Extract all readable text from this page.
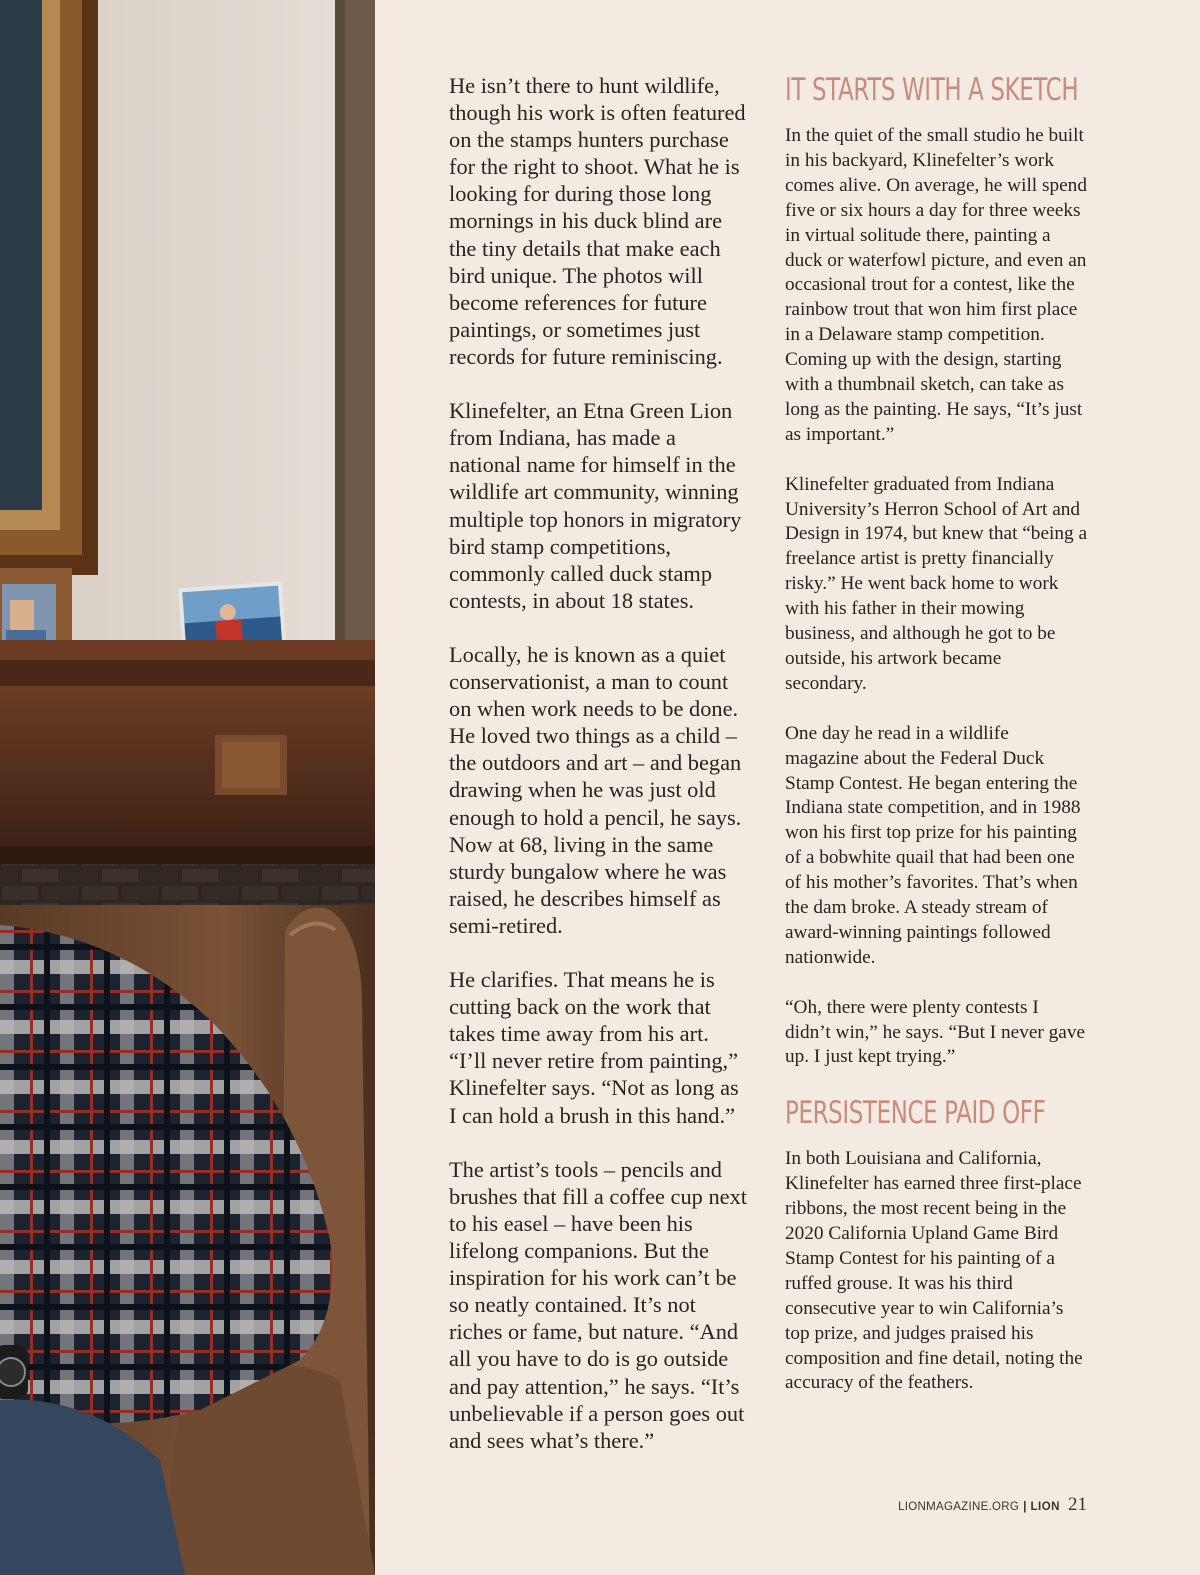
He isn’t there to hunt wildlife, though his work is often featured on the stamps hunters purchase for the right to shoot. What he is looking for during those long mornings in his duck blind are the tiny details that make each bird unique. The photos will become references for future paintings, or sometimes just records for future reminiscing.

Klinefelter, an Etna Green Lion from Indiana, has made a national name for himself in the wildlife art community, winning multiple top honors in migratory bird stamp competitions, commonly called duck stamp contests, in about 18 states.

Locally, he is known as a quiet conservationist, a man to count on when work needs to be done. He loved two things as a child – the outdoors and art – and began drawing when he was just old enough to hold a pencil, he says. Now at 68, living in the same sturdy bungalow where he was raised, he describes himself as semi-retired.

He clarifies. That means he is cutting back on the work that takes time away from his art. “I’ll never retire from painting,” Klinefelter says. “Not as long as I can hold a brush in this hand.”

The artist’s tools – pencils and brushes that fill a coffee cup next to his easel – have been his lifelong companions. But the inspiration for his work can’t be so neatly contained. It’s not riches or fame, but nature. “And all you have to do is go outside and pay attention,” he says. “It’s unbelievable if a person goes out and sees what’s there.”

IT STARTS WITH A SKETCH

In the quiet of the small studio he built in his backyard, Klinefelter’s work comes alive. On average, he will spend five or six hours a day for three weeks in virtual solitude there, painting a duck or waterfowl picture, and even an occasional trout for a contest, like the rainbow trout that won him first place in a Delaware stamp competition. Coming up with the design, starting with a thumbnail sketch, can take as long as the painting. He says, “It’s just as important.”

Klinefelter graduated from Indiana University’s Herron School of Art and Design in 1974, but knew that “being a freelance artist is pretty financially risky.” He went back home to work with his father in their mowing business, and although he got to be outside, his artwork became secondary.

One day he read in a wildlife magazine about the Federal Duck Stamp Contest. He began entering the Indiana state competition, and in 1988 won his first top prize for his painting of a bobwhite quail that had been one of his mother’s favorites. That’s when the dam broke. A steady stream of award-winning paintings followed nationwide.

“Oh, there were plenty contests I didn’t win,” he says. “But I never gave up. I just kept trying.”

PERSISTENCE PAID OFF

In both Louisiana and California, Klinefelter has earned three first-place ribbons, the most recent being in the 2020 California Upland Game Bird Stamp Contest for his painting of a ruffed grouse. It was his third consecutive year to win California’s top prize, and judges praised his composition and fine detail, noting the accuracy of the feathers.

LIONMAGAZINE.ORG | LION 21
